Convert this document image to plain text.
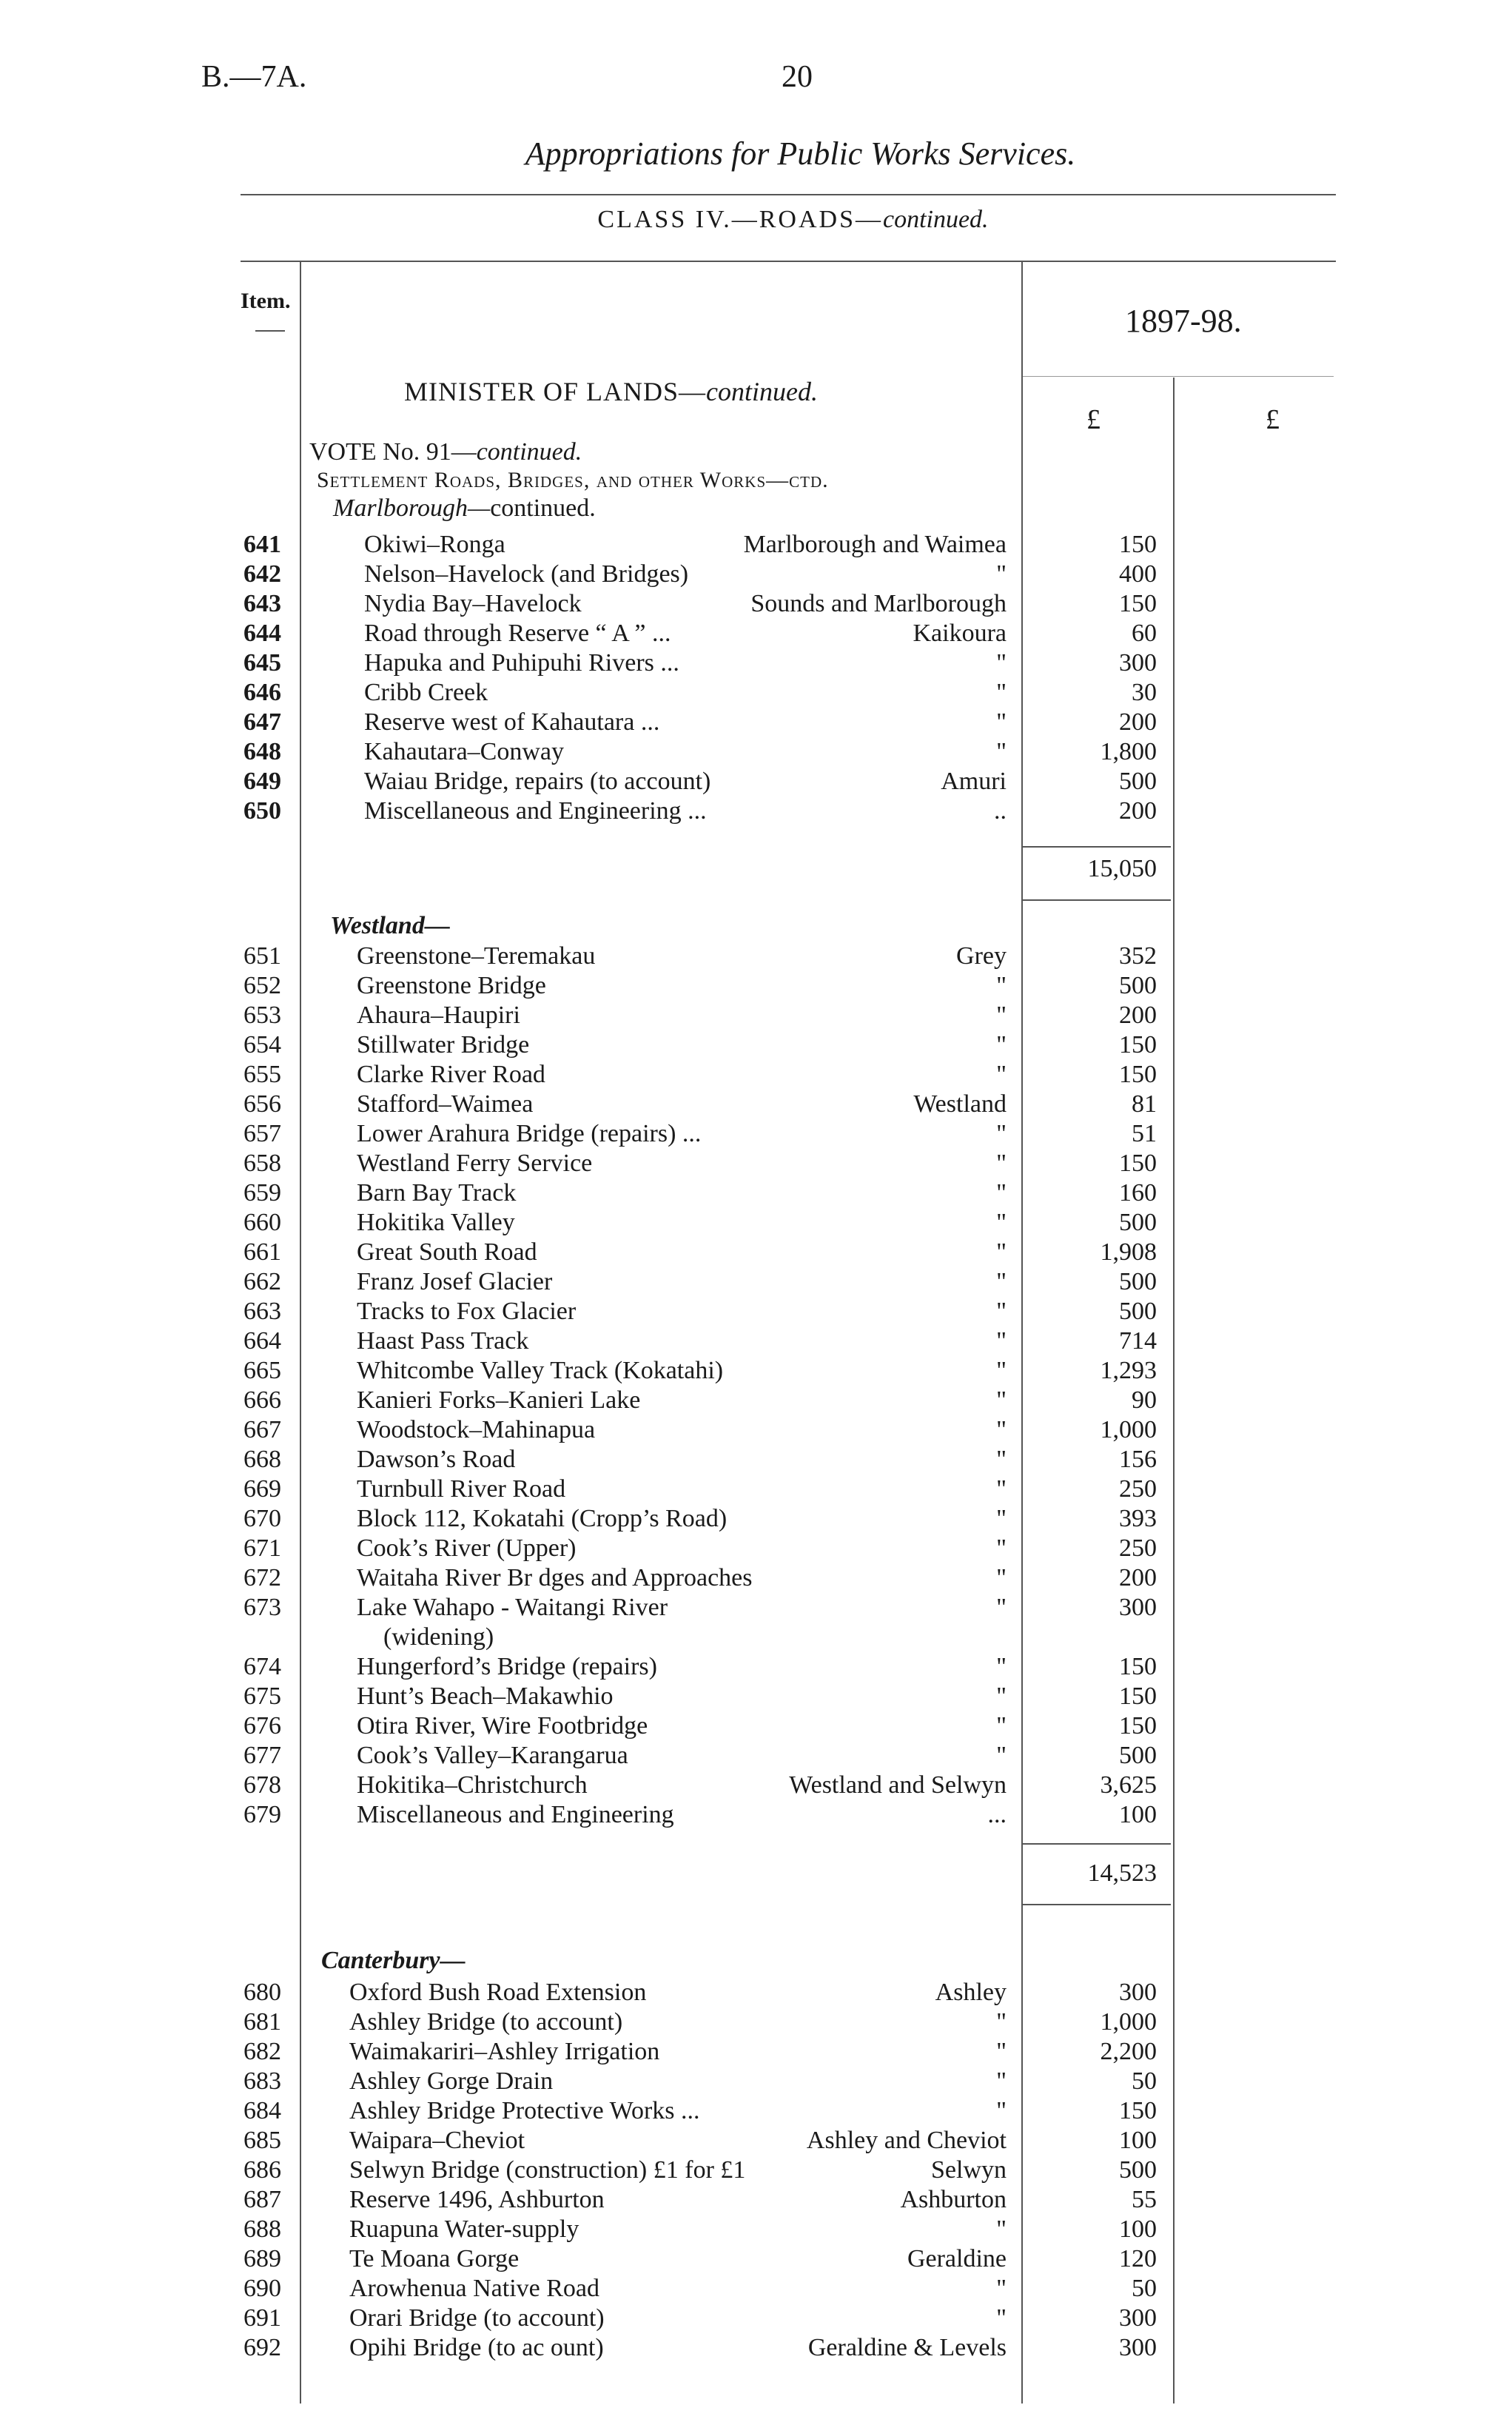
B.—7A.	20
Appropriations for Public Works Services.
CLASS IV.—ROADS—continued.
Item.
1897-98.
£	£
MINISTER OF LANDS—continued.
VOTE No. 91—continued.
Settlement Roads, Bridges, and other Works—ctd.
Marlborough—continued.
641	Okiwi–Ronga	Marlborough and Waimea	150
642	Nelson–Havelock (and Bridges)	"	400
643	Nydia Bay–Havelock	Sounds and Marlborough	150
644	Road through Reserve “ A ” ...	Kaikoura	60
645	Hapuka and Puhipuhi Rivers ...	"	300
646	Cribb Creek	"	30
647	Reserve west of Kahautara ...	"	200
648	Kahautara–Conway	"	1,800
649	Waiau Bridge, repairs (to account)	Amuri	500
650	Miscellaneous and Engineering ...	..	200
15,050
Westland—
651	Greenstone–Teremakau	Grey	352
652	Greenstone Bridge	"	500
653	Ahaura–Haupiri	"	200
654	Stillwater Bridge	"	150
655	Clarke River Road	"	150
656	Stafford–Waimea	Westland	81
657	Lower Arahura Bridge (repairs) ...	"	51
658	Westland Ferry Service	"	150
659	Barn Bay Track	"	160
660	Hokitika Valley	"	500
661	Great South Road	"	1,908
662	Franz Josef Glacier	"	500
663	Tracks to Fox Glacier	"	500
664	Haast Pass Track	"	714
665	Whitcombe Valley Track (Kokatahi)	"	1,293
666	Kanieri Forks–Kanieri Lake	"	90
667	Woodstock–Mahinapua	"	1,000
668	Dawson’s Road	"	156
669	Turnbull River Road	"	250
670	Block 112, Kokatahi (Cropp’s Road)	"	393
671	Cook’s River (Upper)	"	250
672	Waitaha River Br dges and Approaches	"	200
673	Lake Wahapo - Waitangi River	"	300
(widening)
674	Hungerford’s Bridge (repairs)	"	150
675	Hunt’s Beach–Makawhio	"	150
676	Otira River, Wire Footbridge	"	150
677	Cook’s Valley–Karangarua	"	500
678	Hokitika–Christchurch	Westland and Selwyn	3,625
679	Miscellaneous and Engineering	...	100
14,523
Canterbury—
680	Oxford Bush Road Extension	Ashley	300
681	Ashley Bridge (to account)	"	1,000
682	Waimakariri–Ashley Irrigation	"	2,200
683	Ashley Gorge Drain	"	50
684	Ashley Bridge Protective Works ...	"	150
685	Waipara–Cheviot	Ashley and Cheviot	100
686	Selwyn Bridge (construction) £1 for £1	Selwyn	500
687	Reserve 1496, Ashburton	Ashburton	55
688	Ruapuna Water-supply	"	100
689	Te Moana Gorge	Geraldine	120
690	Arowhenua Native Road	"	50
691	Orari Bridge (to account)	"	300
692	Opihi Bridge (to ac ount)	Geraldine & Levels	300
